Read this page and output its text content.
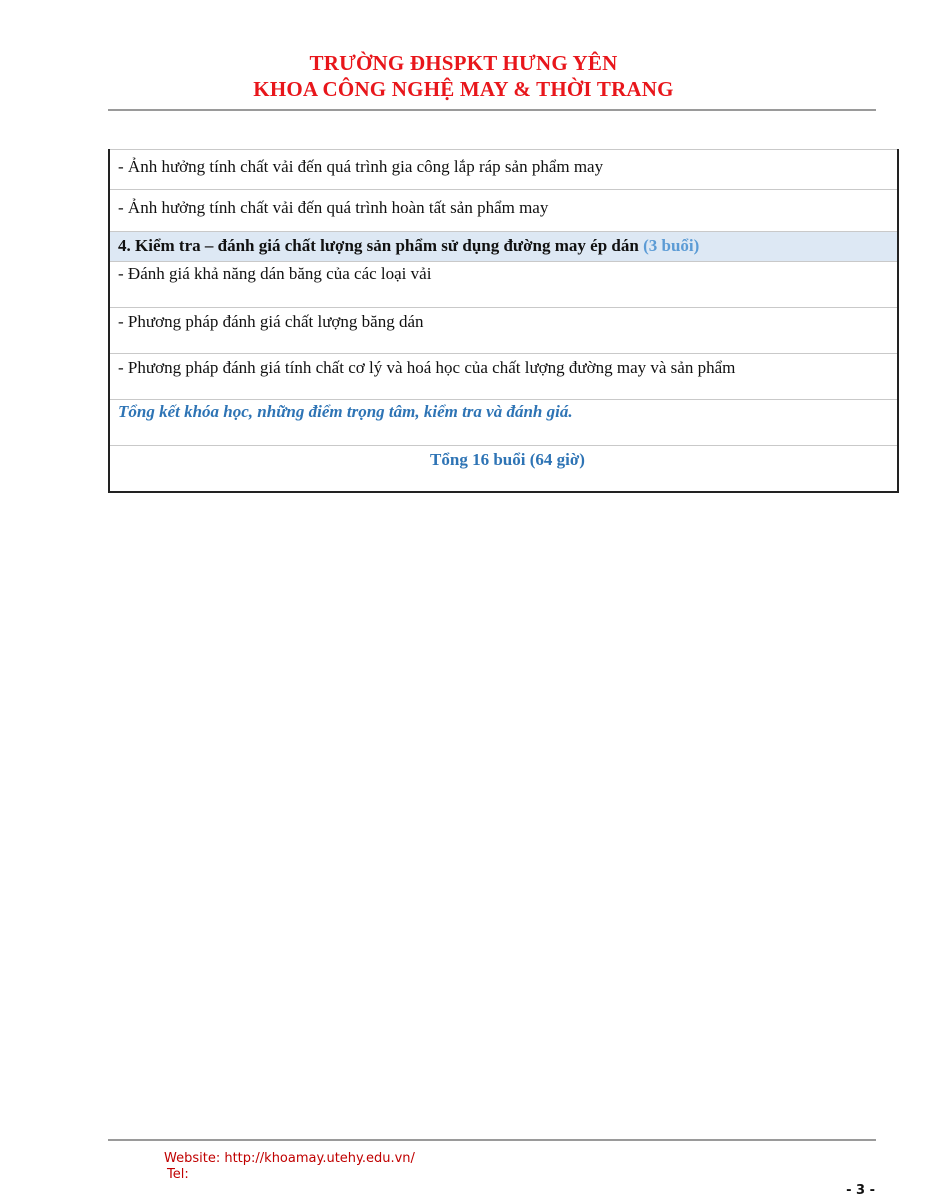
TRƯỜNG ĐHSPKT HƯNG YÊN
KHOA CÔNG NGHỆ MAY & THỜI TRANG
- Ảnh hưởng tính chất vải đến quá trình gia công lắp ráp sản phẩm may
- Ảnh hưởng tính chất vải đến quá trình hoàn tất sản phẩm may
4. Kiểm tra – đánh giá chất lượng sản phẩm sử dụng đường may ép dán (3 buổi)
- Đánh giá khả năng dán băng của các loại vải
- Phương pháp đánh giá chất lượng băng dán
- Phương pháp đánh giá tính chất cơ lý và hoá học của chất lượng đường may và sản phẩm
Tổng kết khóa học, những điểm trọng tâm, kiểm tra và đánh giá.
Tổng 16 buổi (64 giờ)
Website: http://khoamay.utehy.edu.vn/
Tel:
- 3 -
